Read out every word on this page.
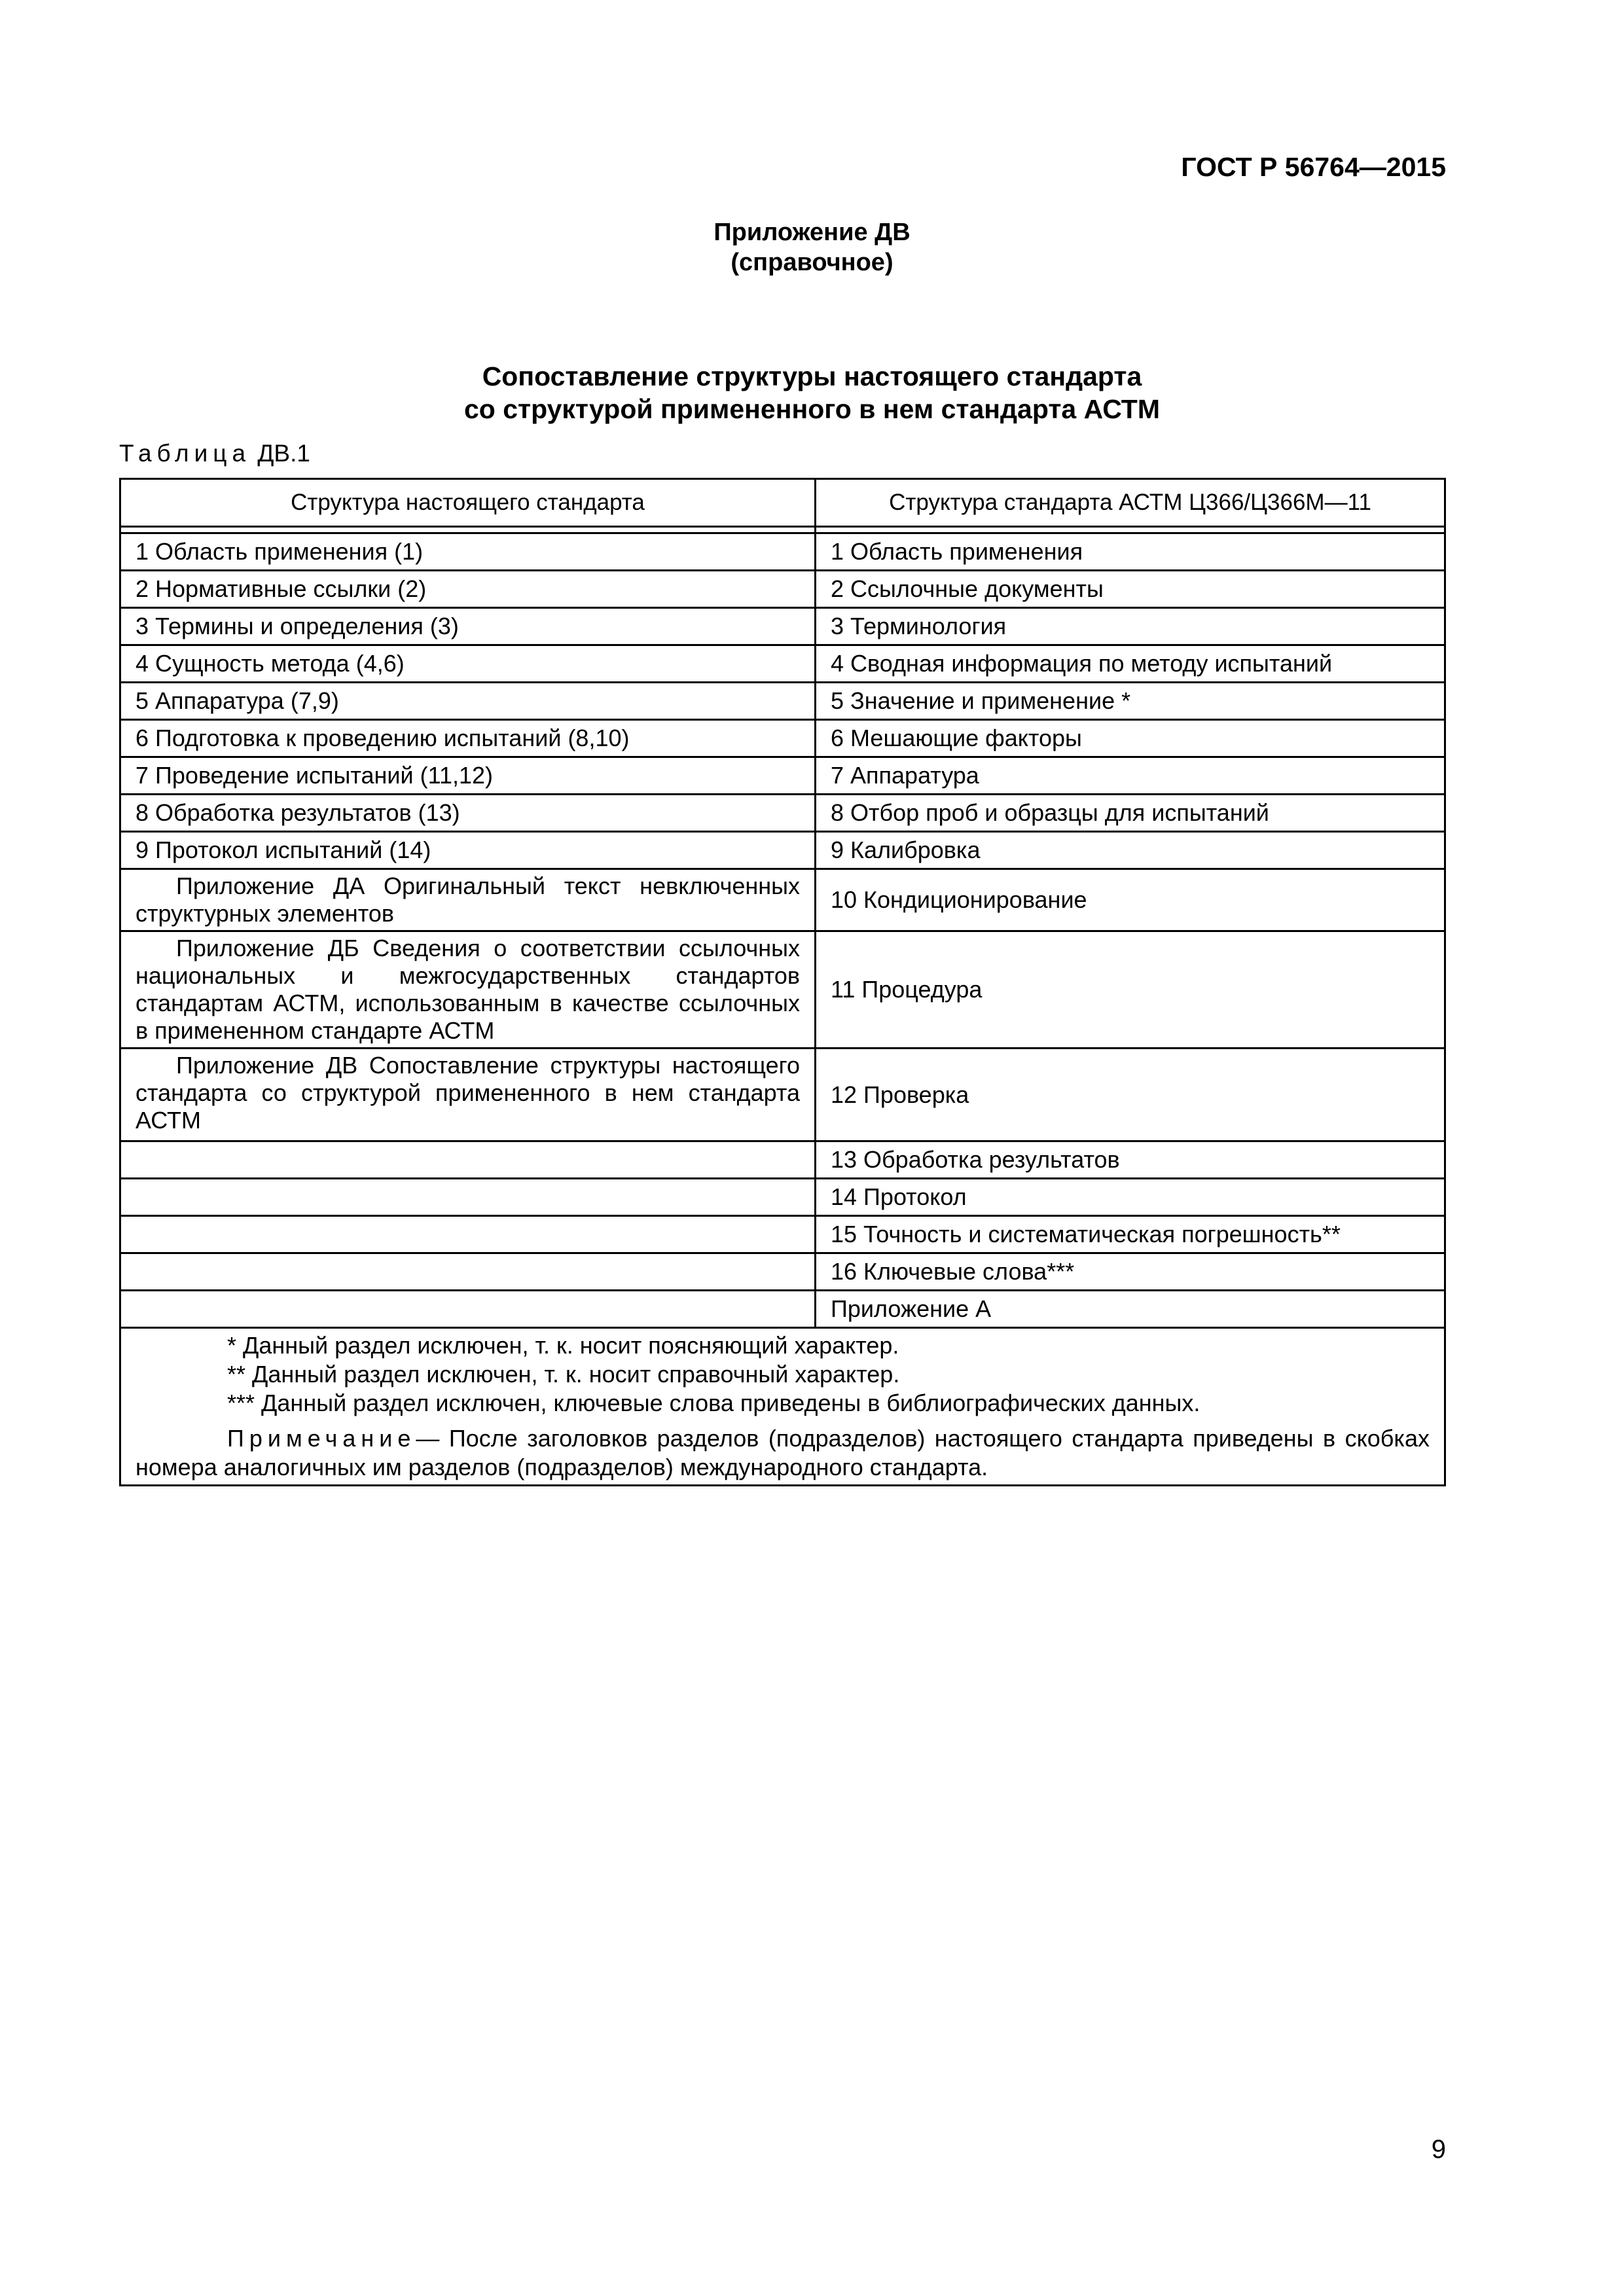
ГОСТ Р 56764—2015
Приложение ДВ
(справочное)
Сопоставление структуры настоящего стандарта
со структурой примененного в нем стандарта АСТМ
Таблица ДВ.1
Структура настоящего стандарта	Структура стандарта АСТМ Ц366/Ц366М—11

1 Область применения (1)	1 Область применения
2 Нормативные ссылки (2)	2 Ссылочные документы
3 Термины и определения (3)	3 Терминология
4 Сущность метода (4,6)	4 Сводная информация по методу испытаний
5 Аппаратура (7,9)	5 Значение и применение *
6 Подготовка к проведению испытаний (8,10)	6 Мешающие факторы
7 Проведение испытаний (11,12)	7 Аппаратура
8 Обработка результатов (13)	8 Отбор проб и образцы для испытаний
9 Протокол испытаний (14)	9 Калибровка

Приложение ДА Оригинальный текст невключенных структурных элементов	10 Кондиционирование

Приложение ДБ Сведения о соответствии ссылочных национальных и межгосударственных стандартов стандартам АСТМ, использованным в качестве ссылочных в примененном стандарте АСТМ	11 Процедура

Приложение ДВ Сопоставление структуры настоящего стандарта со структурой примененного в нем стандарта АСТМ	12 Проверка
	13 Обработка результатов
	14 Протокол
	15 Точность и систематическая погрешность**
	16 Ключевые слова***
	Приложение А

* Данный раздел исключен, т. к. носит поясняющий характер.
** Данный раздел исключен, т. к. носит справочный характер.
*** Данный раздел исключен, ключевые слова приведены в библиографических данных.
Примечание— После заголовков разделов (подразделов) настоящего стандарта приведены в скобках номера аналогичных им разделов (подразделов) международного стандарта.	
9
